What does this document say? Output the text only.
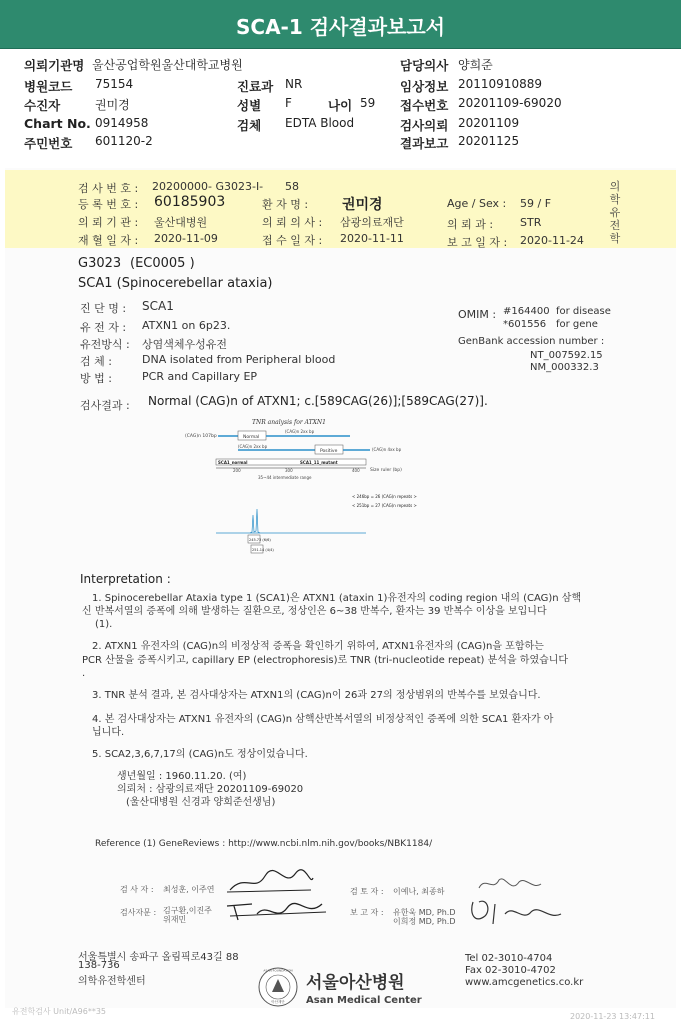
SCA-1 검사결과보고서
의뢰기관명 울산공업학원울산대학교병원	담당의사 양희준
병원코드 75154	진료과 NR	임상정보 20110910889
수진자	권미경	성별 F	나이 59 접수번호 20201109-69020
Chart No. 0914958	검체 EDTA Blood	검사의뢰 20201109
주민번호 601120-2	결과보고 20201125
검 사 번 호 : 20200000- G3023-I- 58
등 록 번 호 : 60185903	환 자 명 : 권미경	Age / Sex : 59 / F
의 뢰 기 관 : 울산대병원	의 뢰 의 사 : 삼광의료재단	의 뢰 과 : STR
재 혈 일 자 : 2020-11-09	접 수 일 자 : 2020-11-11	보 고 일 자 : 2020-11-24
의
학
유
전
학
G3023 (EC0005 )
SCA1 (Spinocerebellar ataxia)
진 단 명 : SCA1
유 전 자 : ATXN1 on 6p23.
유전방식 : 상염색체우성유전
검 체 :	DNA isolated from Peripheral blood
방 법 :	PCR and Capillary EP
OMIM : #164400 for disease
*601556 for gene
GenBank accession number :
NT_007592.15
NM_000332.3
검사결과 : Normal (CAG)n of ATXN1; c.[589CAG(26)];[589CAG(27)].
TNR analysis for ATXN1
(CAG)n 107bp	Normal
(CAG)n 2xx bp
(CAG)n 2xx bp
Positive	(CAG)n 4xx bp
SCA1_normal	SCA1_11_mutant
200	300	400 Size ruler (bp)
35~44 intermediate range
< 246bp = 26 (CAG)n repeats >
< 251bp = 27 (CAG)n repeats >
245.73 (6/6)
251.14 (4/4)
Interpretation :
1. Spinocerebellar Ataxia type 1 (SCA1)은 ATXN1 (ataxin 1)유전자의 coding region 내의 (CAG)n 삼핵
신 반복서열의 증폭에 의해 발생하는 질환으로, 정상인은 6~38 반복수, 환자는 39 반복수 이상을 보입니다
(1).
2. ATXN1 유전자의 (CAG)n의 비정상적 증폭을 확인하기 위하여, ATXN1유전자의 (CAG)n을 포함하는
PCR 산물을 증폭시키고, capillary EP (electrophoresis)로 TNR (tri-nucleotide repeat) 분석을 하였습니다
.
3. TNR 분석 결과, 본 검사대상자는 ATXN1의 (CAG)n이 26과 27의 정상범위의 반복수를 보였습니다.
4. 본 검사대상자는 ATXN1 유전자의 (CAG)n 삼핵산반복서열의 비정상적인 증폭에 의한 SCA1 환자가 아
닙니다.
5. SCA2,3,6,7,17의 (CAG)n도 정상이었습니다.
생년월일 : 1960.11.20. (여)
의뢰처 : 삼광의료재단 20201109-69020
(울산대병원 신경과 양희준선생님)
Reference (1) GeneReviews : http://www.ncbi.nlm.nih.gov/books/NBK1184/
검 사 자 : 최성훈, 이주연	검 토 자 : 이예나, 최종하
검사자문 : 김구환,이진주
위재민
보 고 자 : 유한욱 MD, Ph.D
이희정 MD, Ph.D
서울특별시 송파구 올림픽로43길 88
138-736
의학유전학센터
ASAN FOUNDATION
아산재단
서울아산병원
Asan Medical Center
Tel 02-3010-4704
Fax 02-3010-4702
www.amcgenetics.co.kr
유전학검사 Unit/A96**35
2020-11-23 13:47:11
